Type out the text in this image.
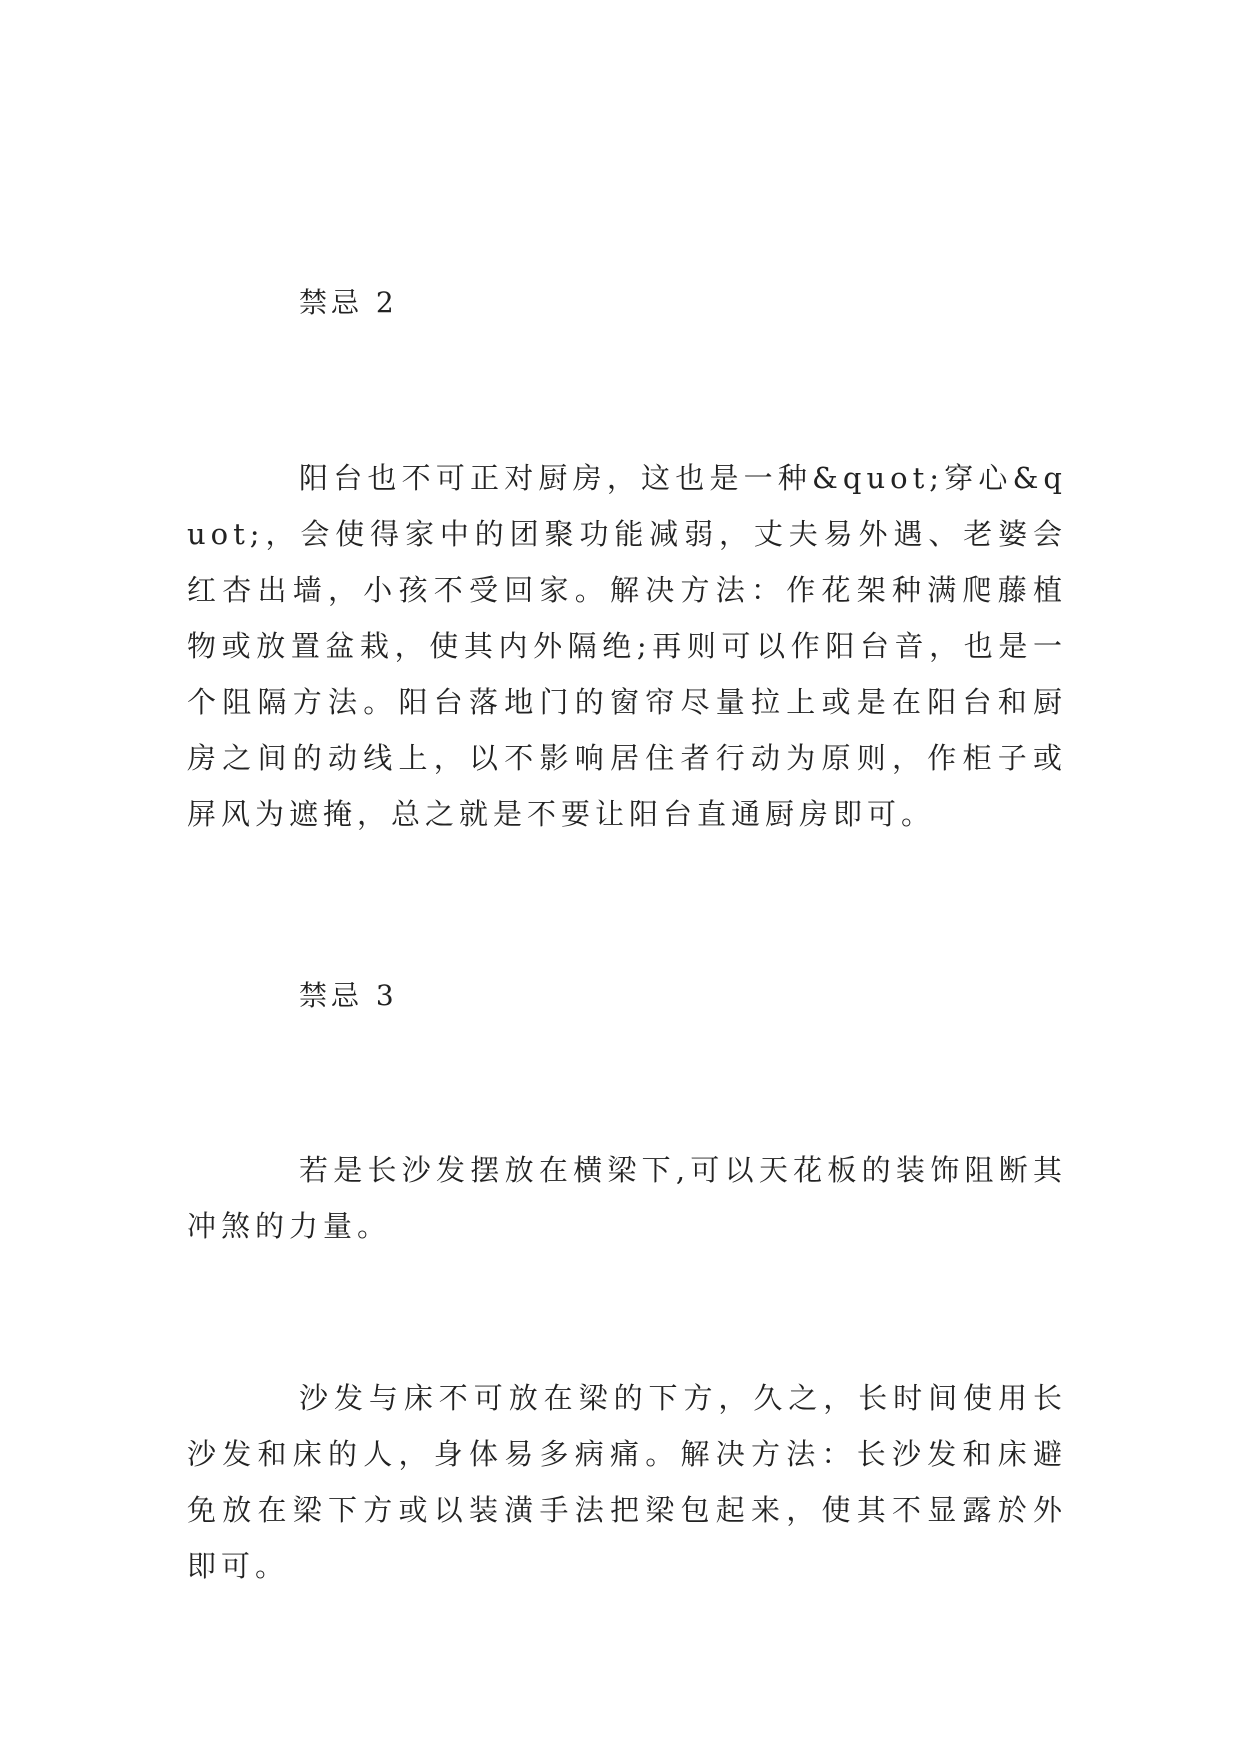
禁忌 2

阳台也不可正对厨房，这也是一种&quot;穿心&quot;，会使得家中的团聚功能减弱，丈夫易外遇、老婆会红杏出墙，小孩不受回家。解决方法：作花架种满爬藤植物或放置盆栽，使其内外隔绝;再则可以作阳台音，也是一个阻隔方法。阳台落地门的窗帘尽量拉上或是在阳台和厨房之间的动线上，以不影响居住者行动为原则，作柜子或屏风为遮掩，总之就是不要让阳台直通厨房即可。

禁忌 3

若是长沙发摆放在横梁下,可以天花板的装饰阻断其冲煞的力量。

沙发与床不可放在梁的下方，久之，长时间使用长沙发和床的人，身体易多病痛。解决方法：长沙发和床避免放在梁下方或以装潢手法把梁包起来，使其不显露於外即可。
